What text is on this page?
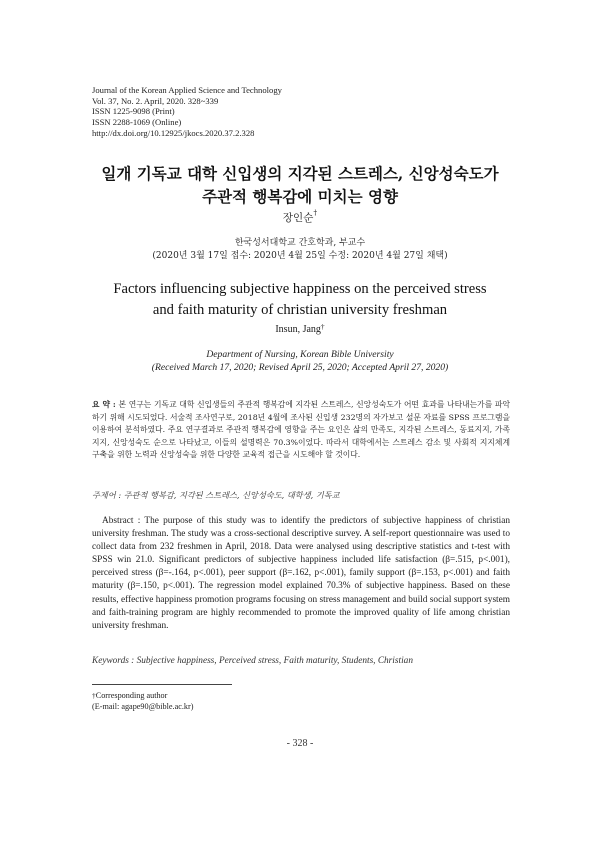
Journal of the Korean Applied Science and Technology
Vol. 37, No. 2. April, 2020. 328~339
ISSN 1225-9098 (Print)
ISSN 2288-1069 (Online)
http://dx.doi.org/10.12925/jkocs.2020.37.2.328
일개 기독교 대학 신입생의 지각된 스트레스, 신앙성숙도가
주관적 행복감에 미치는 영향
장인순†
한국성서대학교 간호학과, 부교수
(2020년 3월 17일 접수: 2020년 4월 25일 수정: 2020년 4월 27일 채택)
Factors influencing subjective happiness on the perceived stress
and faith maturity of christian university freshman
Insun, Jang†
Department of Nursing, Korean Bible University
(Received March 17, 2020; Revised April 25, 2020; Accepted April 27, 2020)
요 약 : 본 연구는 기독교 대학 신입생들의 주관적 행복감에 지각된 스트레스, 신앙성숙도가 어떤 효과를 나타내는가를 파악하기 위해 시도되었다. 서술적 조사연구로, 2018년 4월에 조사된 신입생 232명의 자가보고 설문 자료를 SPSS 프로그램을 이용하여 분석하였다. 주요 연구결과로 주관적 행복감에 영향을 주는 요인은 삶의 만족도, 지각된 스트레스, 동료지지, 가족지지, 신앙성숙도 순으로 나타났고, 이들의 설명력은 70.3%이었다. 따라서 대학에서는 스트레스 감소 및 사회적 지지체계 구축을 위한 노력과 신앙성숙을 위한 다양한 교육적 접근을 시도해야 할 것이다.
주제어 : 주관적 행복감, 지각된 스트레스, 신앙성숙도, 대학생, 기독교
Abstract : The purpose of this study was to identify the predictors of subjective happiness of christian university freshman. The study was a cross-sectional descriptive survey. A self-report questionnaire was used to collect data from 232 freshmen in April, 2018. Data were analysed using descriptive statistics and t-test with SPSS win 21.0. Significant predictors of subjective happiness included life satisfaction (β=.515, p<.001), perceived stress (β=-.164, p<.001), peer support (β=.162, p<.001), family support (β=.153, p<.001) and faith maturity (β=.150, p<.001). The regression model explained 70.3% of subjective happiness. Based on these results, effective happiness promotion programs focusing on stress management and build social support system and faith-training program are highly recommended to promote the improved quality of life among christian university freshman.
Keywords : Subjective happiness, Perceived stress, Faith maturity, Students, Christian
†Corresponding author
(E-mail: agape90@bible.ac.kr)
- 328 -
